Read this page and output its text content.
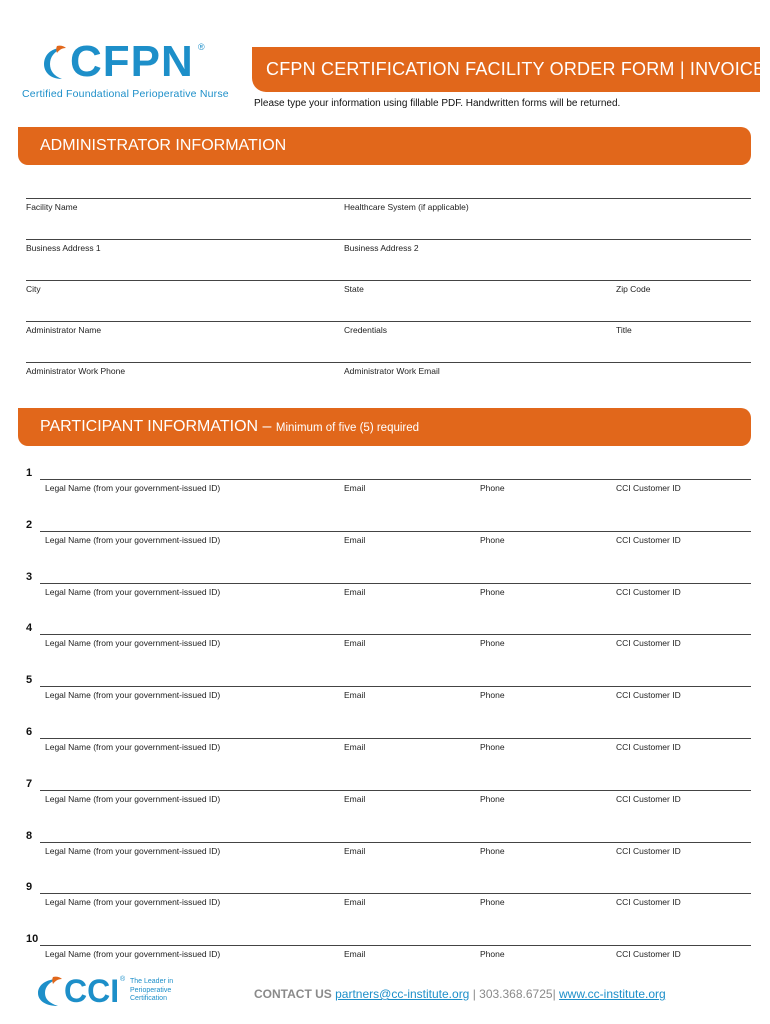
CFPN ®
Certified Foundational Perioperative Nurse
CFPN CERTIFICATION FACILITY ORDER FORM | INVOICE
Please type your information using fillable PDF. Handwritten forms will be returned.
ADMINISTRATOR INFORMATION
Facility Name	Healthcare System (if applicable)
Business Address 1	Business Address 2
City	State	Zip Code
Administrator Name	Credentials	Title
Administrator Work Phone	Administrator Work Email
PARTICIPANT INFORMATION – Minimum of five (5) required
1
Legal Name (from your government-issued ID)	Email	Phone	CCI Customer ID
2
Legal Name (from your government-issued ID)	Email	Phone	CCI Customer ID
3
Legal Name (from your government-issued ID)	Email	Phone	CCI Customer ID
4
Legal Name (from your government-issued ID)	Email	Phone	CCI Customer ID
5
Legal Name (from your government-issued ID)	Email	Phone	CCI Customer ID
6
Legal Name (from your government-issued ID)	Email	Phone	CCI Customer ID
7
Legal Name (from your government-issued ID)	Email	Phone	CCI Customer ID
8
Legal Name (from your government-issued ID)	Email	Phone	CCI Customer ID
9
Legal Name (from your government-issued ID)	Email	Phone	CCI Customer ID
10
Legal Name (from your government-issued ID)	Email	Phone	CCI Customer ID
CCI ® The Leader in Perioperative Certification	CONTACT US partners@cc-institute.org | 303.368.6725| www.cc-institute.org
